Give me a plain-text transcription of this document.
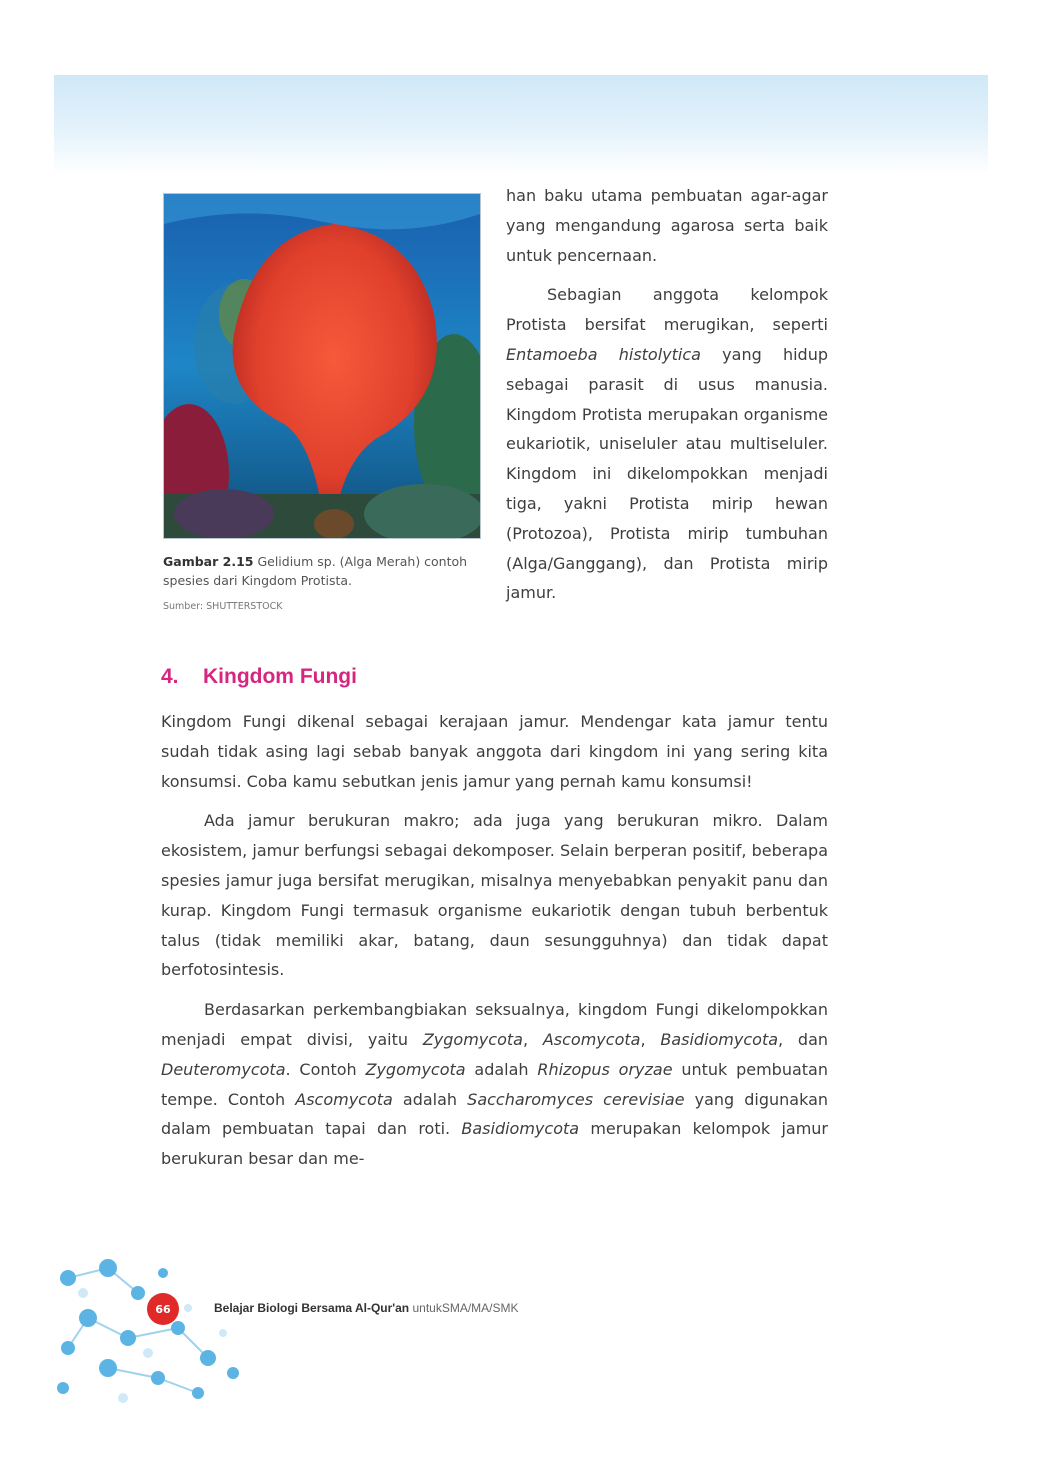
Gambar 2.15 Gelidium sp. (Alga Merah) contoh spesies dari Kingdom Protista.
Sumber: SHUTTERSTOCK

han baku utama pembuatan agar-agar yang mengandung agarosa serta baik untuk pencernaan.

Sebagian anggota kelompok Protista bersifat merugikan, seperti Entamoeba histolytica yang hidup sebagai parasit di usus manusia. Kingdom Protista merupakan organisme eukariotik, uniseluler atau multiseluler. Kingdom ini dikelompokkan menjadi tiga, yakni Protista mirip hewan (Protozoa), Protista mirip tumbuhan (Alga/Ganggang), dan Protista mirip jamur.

4. Kingdom Fungi

Kingdom Fungi dikenal sebagai kerajaan jamur. Mendengar kata jamur tentu sudah tidak asing lagi sebab banyak anggota dari kingdom ini yang sering kita konsumsi. Coba kamu sebutkan jenis jamur yang pernah kamu konsumsi!

Ada jamur berukuran makro; ada juga yang berukuran mikro. Dalam ekosistem, jamur berfungsi sebagai dekomposer. Selain berperan positif, beberapa spesies jamur juga bersifat merugikan, misalnya menyebabkan penyakit panu dan kurap. Kingdom Fungi termasuk organisme eukariotik dengan tubuh berbentuk talus (tidak memiliki akar, batang, daun sesungguhnya) dan tidak dapat berfotosintesis.

Berdasarkan perkembangbiakan seksualnya, kingdom Fungi dikelompokkan menjadi empat divisi, yaitu Zygomycota, Ascomycota, Basidiomycota, dan Deuteromycota. Contoh Zygomycota adalah Rhizopus oryzae untuk pembuatan tempe. Contoh Ascomycota adalah Saccharomyces cerevisiae yang digunakan dalam pembuatan tapai dan roti. Basidiomycota merupakan kelompok jamur berukuran besar dan me-

66	Belajar Biologi Bersama Al-Qur'an untukSMA/MA/SMK
